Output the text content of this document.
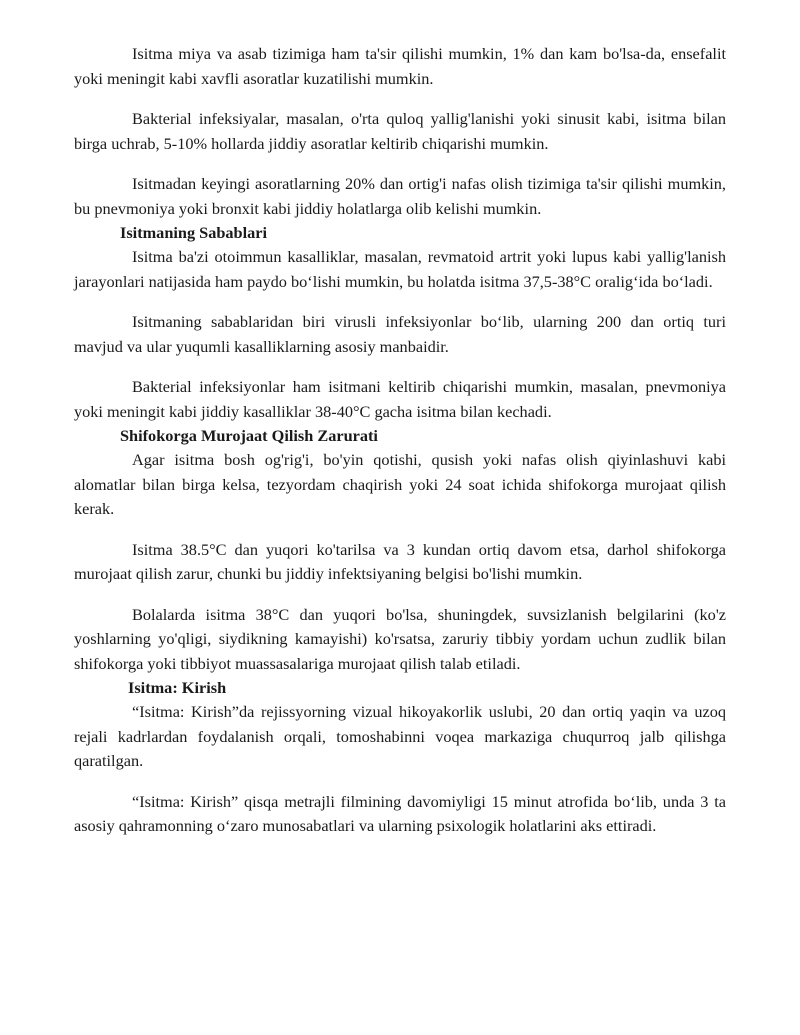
Isitma miya va asab tizimiga ham ta'sir qilishi mumkin, 1% dan kam bo'lsa-da, ensefalit yoki meningit kabi xavfli asoratlar kuzatilishi mumkin.

Bakterial infeksiyalar, masalan, o'rta quloq yallig'lanishi yoki sinusit kabi, isitma bilan birga uchrab, 5-10% hollarda jiddiy asoratlar keltirib chiqarishi mumkin.

Isitmadan keyingi asoratlarning 20% dan ortig'i nafas olish tizimiga ta'sir qilishi mumkin, bu pnevmoniya yoki bronxit kabi jiddiy holatlarga olib kelishi mumkin.

Isitmaning Sabablari

Isitma ba'zi otoimmun kasalliklar, masalan, revmatoid artrit yoki lupus kabi yallig'lanish jarayonlari natijasida ham paydo bo‘lishi mumkin, bu holatda isitma 37,5-38°C oralig‘ida bo‘ladi.

Isitmaning sabablaridan biri virusli infeksiyonlar bo‘lib, ularning 200 dan ortiq turi mavjud va ular yuqumli kasalliklarning asosiy manbaidir.

Bakterial infeksiyonlar ham isitmani keltirib chiqarishi mumkin, masalan, pnevmoniya yoki meningit kabi jiddiy kasalliklar 38-40°C gacha isitma bilan kechadi.

Shifokorga Murojaat Qilish Zarurati

Agar isitma bosh og'rig'i, bo'yin qotishi, qusish yoki nafas olish qiyinlashuvi kabi alomatlar bilan birga kelsa, tezyordam chaqirish yoki 24 soat ichida shifokorga murojaat qilish kerak.

Isitma 38.5°C dan yuqori ko'tarilsa va 3 kundan ortiq davom etsa, darhol shifokorga murojaat qilish zarur, chunki bu jiddiy infektsiyaning belgisi bo'lishi mumkin.

Bolalarda isitma 38°C dan yuqori bo'lsa, shuningdek, suvsizlanish belgilarini (ko'z yoshlarning yo'qligi, siydikning kamayishi) ko'rsatsa, zaruriy tibbiy yordam uchun zudlik bilan shifokorga yoki tibbiyot muassasalariga murojaat qilish talab etiladi.

Isitma: Kirish

“Isitma: Kirish”da rejissyorning vizual hikoyakorlik uslubi, 20 dan ortiq yaqin va uzoq rejali kadrlardan foydalanish orqali, tomoshabinni voqea markaziga chuqurroq jalb qilishga qaratilgan.

“Isitma: Kirish” qisqa metrajli filmining davomiyligi 15 minut atrofida bo‘lib, unda 3 ta asosiy qahramonning o‘zaro munosabatlari va ularning psixologik holatlarini aks ettiradi.
